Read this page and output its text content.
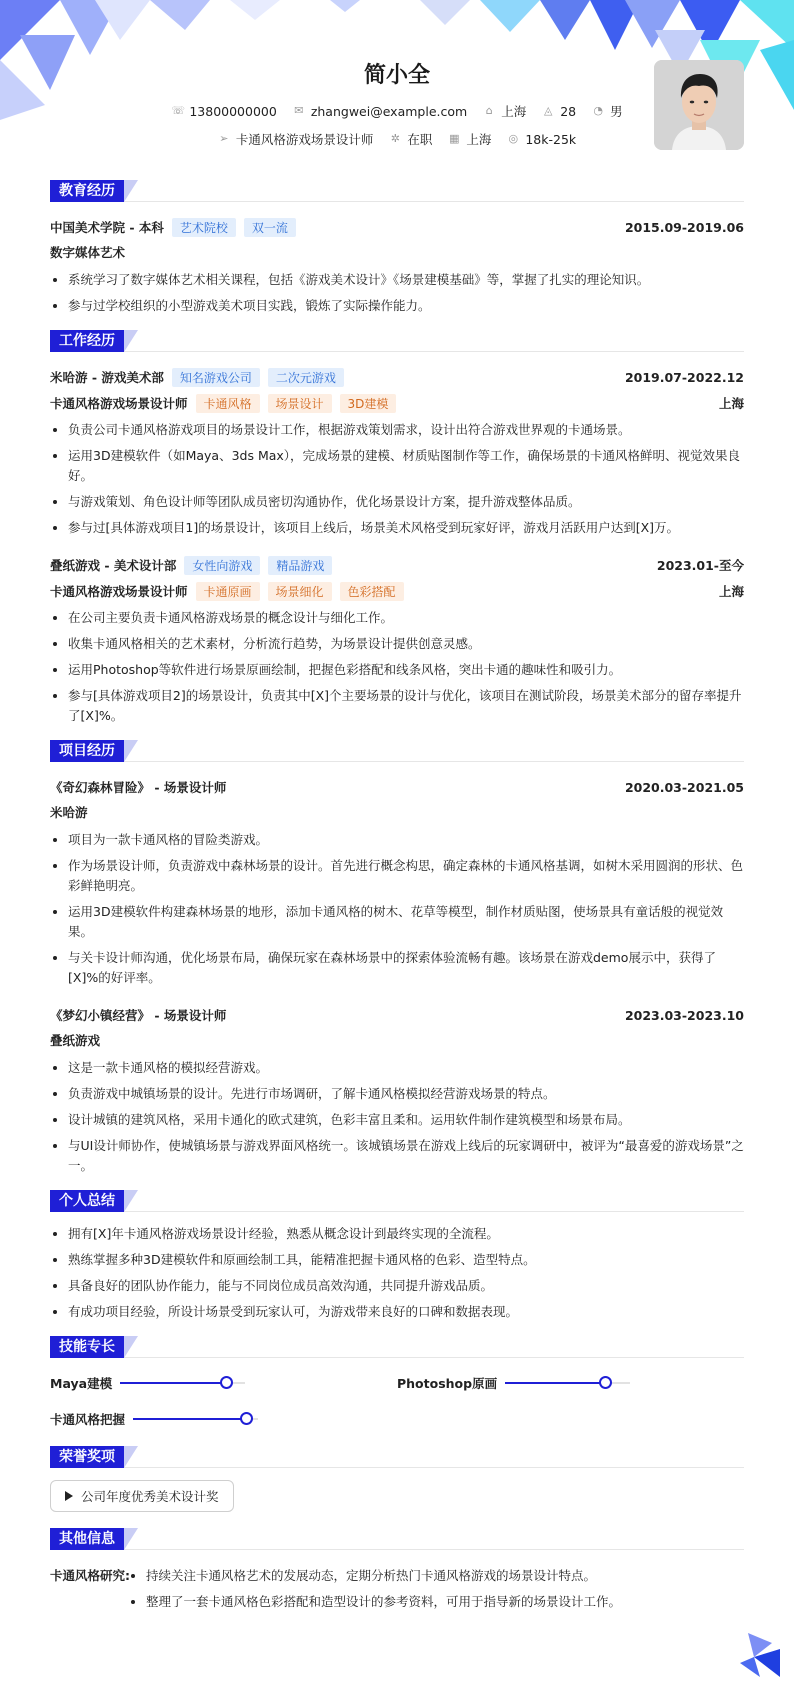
简小全
☏ 13800000000 ✉ zhangwei@example.com ⌂ 上海 ◬ 28 ◔ 男
➢ 卡通风格游戏场景设计师 ✲ 在职 ▦ 上海 ◎ 18k-25k
教育经历
中国美术学院 - 本科	艺术院校	双一流	2015.09-2019.06
数字媒体艺术
系统学习了数字媒体艺术相关课程，包括《游戏美术设计》《场景建模基础》等，掌握了扎实的理论知识。
参与过学校组织的小型游戏美术项目实践，锻炼了实际操作能力。
工作经历
米哈游 - 游戏美术部	知名游戏公司	二次元游戏	2019.07-2022.12
卡通风格游戏场景设计师	卡通风格	场景设计	3D建模	上海
负责公司卡通风格游戏项目的场景设计工作，根据游戏策划需求，设计出符合游戏世界观的卡通场景。
运用3D建模软件（如Maya、3ds Max），完成场景的建模、材质贴图制作等工作，确保场景的卡通风格鲜明、视觉效果良好。
与游戏策划、角色设计师等团队成员密切沟通协作，优化场景设计方案，提升游戏整体品质。
参与过[具体游戏项目1]的场景设计，该项目上线后，场景美术风格受到玩家好评，游戏月活跃用户达到[X]万。
叠纸游戏 - 美术设计部	女性向游戏	精品游戏	2023.01-至今
卡通风格游戏场景设计师	卡通原画	场景细化	色彩搭配	上海
在公司主要负责卡通风格游戏场景的概念设计与细化工作。
收集卡通风格相关的艺术素材，分析流行趋势，为场景设计提供创意灵感。
运用Photoshop等软件进行场景原画绘制，把握色彩搭配和线条风格，突出卡通的趣味性和吸引力。
参与[具体游戏项目2]的场景设计，负责其中[X]个主要场景的设计与优化，该项目在测试阶段，场景美术部分的留存率提升了[X]%。
项目经历
《奇幻森林冒险》 - 场景设计师	2020.03-2021.05
米哈游
项目为一款卡通风格的冒险类游戏。
作为场景设计师，负责游戏中森林场景的设计。首先进行概念构思，确定森林的卡通风格基调，如树木采用圆润的形状、色彩鲜艳明亮。
运用3D建模软件构建森林场景的地形，添加卡通风格的树木、花草等模型，制作材质贴图，使场景具有童话般的视觉效果。
与关卡设计师沟通，优化场景布局，确保玩家在森林场景中的探索体验流畅有趣。该场景在游戏demo展示中，获得了[X]%的好评率。
《梦幻小镇经营》 - 场景设计师	2023.03-2023.10
叠纸游戏
这是一款卡通风格的模拟经营游戏。
负责游戏中城镇场景的设计。先进行市场调研，了解卡通风格模拟经营游戏场景的特点。
设计城镇的建筑风格，采用卡通化的欧式建筑，色彩丰富且柔和。运用软件制作建筑模型和场景布局。
与UI设计师协作，使城镇场景与游戏界面风格统一。该城镇场景在游戏上线后的玩家调研中，被评为“最喜爱的游戏场景”之一。
个人总结
拥有[X]年卡通风格游戏场景设计经验，熟悉从概念设计到最终实现的全流程。
熟练掌握多种3D建模软件和原画绘制工具，能精准把握卡通风格的色彩、造型特点。
具备良好的团队协作能力，能与不同岗位成员高效沟通，共同提升游戏品质。
有成功项目经验，所设计场景受到玩家认可，为游戏带来良好的口碑和数据表现。
技能专长
Maya建模	Photoshop原画
卡通风格把握
荣誉奖项
公司年度优秀美术设计奖
其他信息
卡通风格研究:	持续关注卡通风格艺术的发展动态，定期分析热门卡通风格游戏的场景设计特点。
整理了一套卡通风格色彩搭配和造型设计的参考资料，可用于指导新的场景设计工作。
